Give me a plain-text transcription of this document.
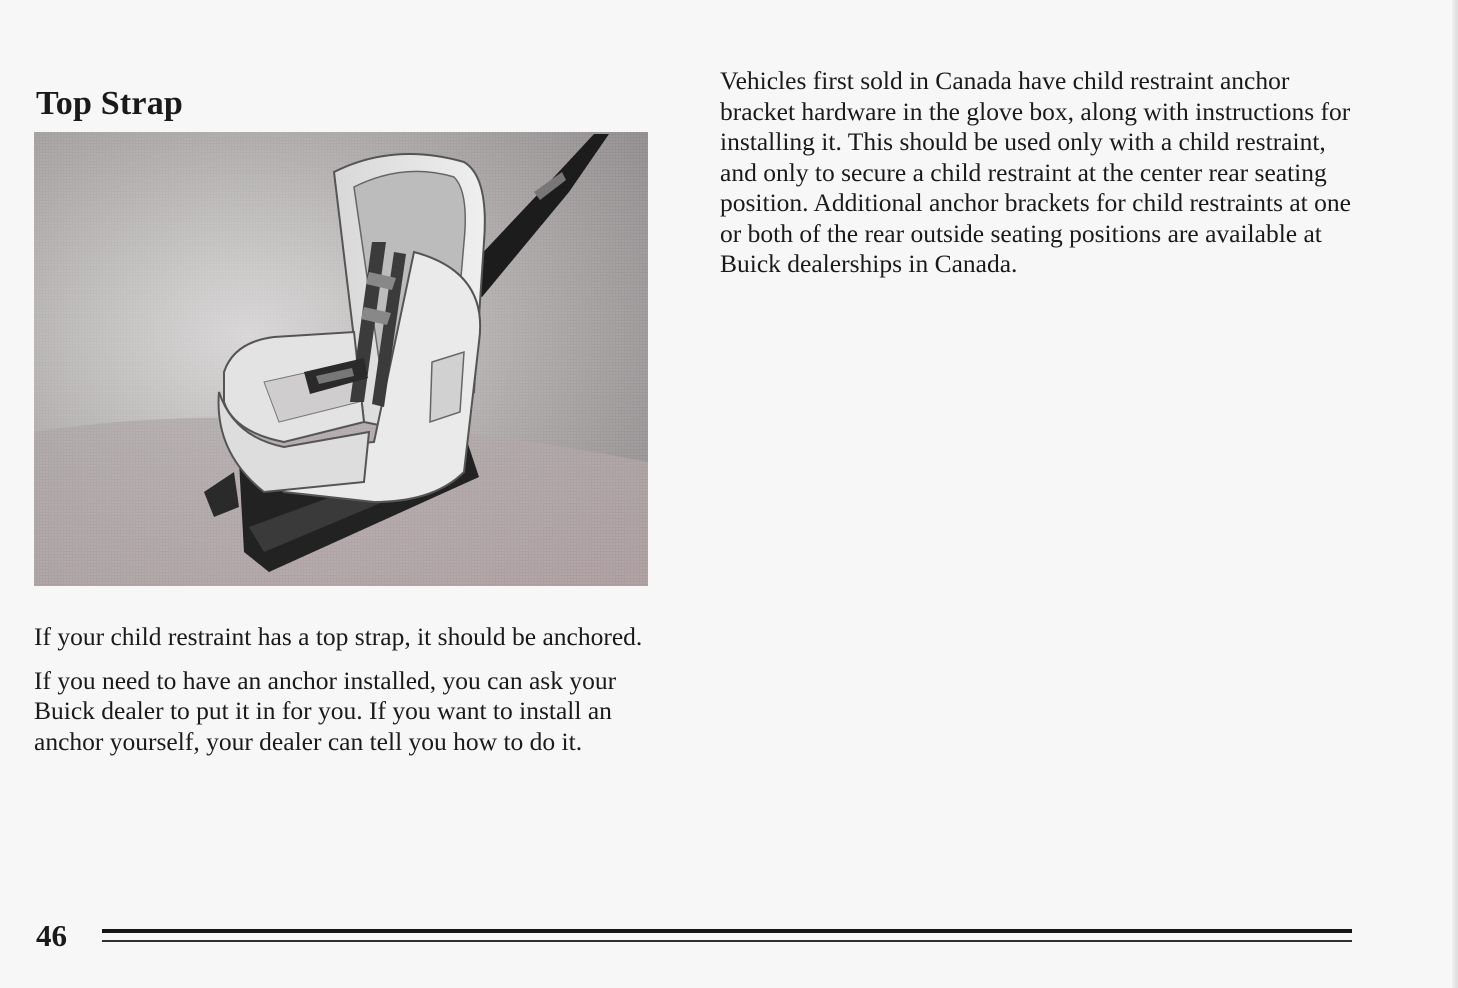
Top Strap

If your child restraint has a top strap, it should be anchored.

If you need to have an anchor installed, you can ask your Buick dealer to put it in for you. If you want to install an anchor yourself, your dealer can tell you how to do it.

Vehicles first sold in Canada have child restraint anchor bracket hardware in the glove box, along with instructions for installing it. This should be used only with a child restraint, and only to secure a child restraint at the center rear seating position. Additional anchor brackets for child restraints at one or both of the rear outside seating positions are available at Buick dealerships in Canada.

46
